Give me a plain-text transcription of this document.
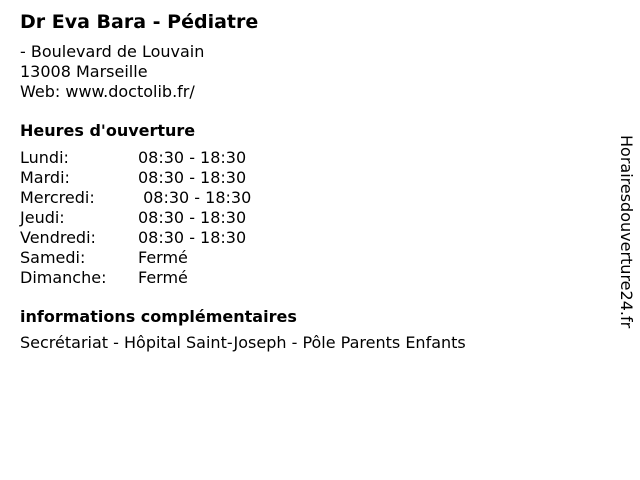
Dr Eva Bara - Pédiatre
- Boulevard de Louvain
13008 Marseille
Web: www.doctolib.fr/
Heures d'ouverture
Lundi:	08:30 - 18:30
Mardi:	08:30 - 18:30
Mercredi:	08:30 - 18:30
Jeudi:	08:30 - 18:30
Vendredi:	08:30 - 18:30
Samedi:	Fermé
Dimanche:	Fermé
informations complémentaires
Secrétariat - Hôpital Saint-Joseph - Pôle Parents Enfants
Horairesdouverture24.fr
